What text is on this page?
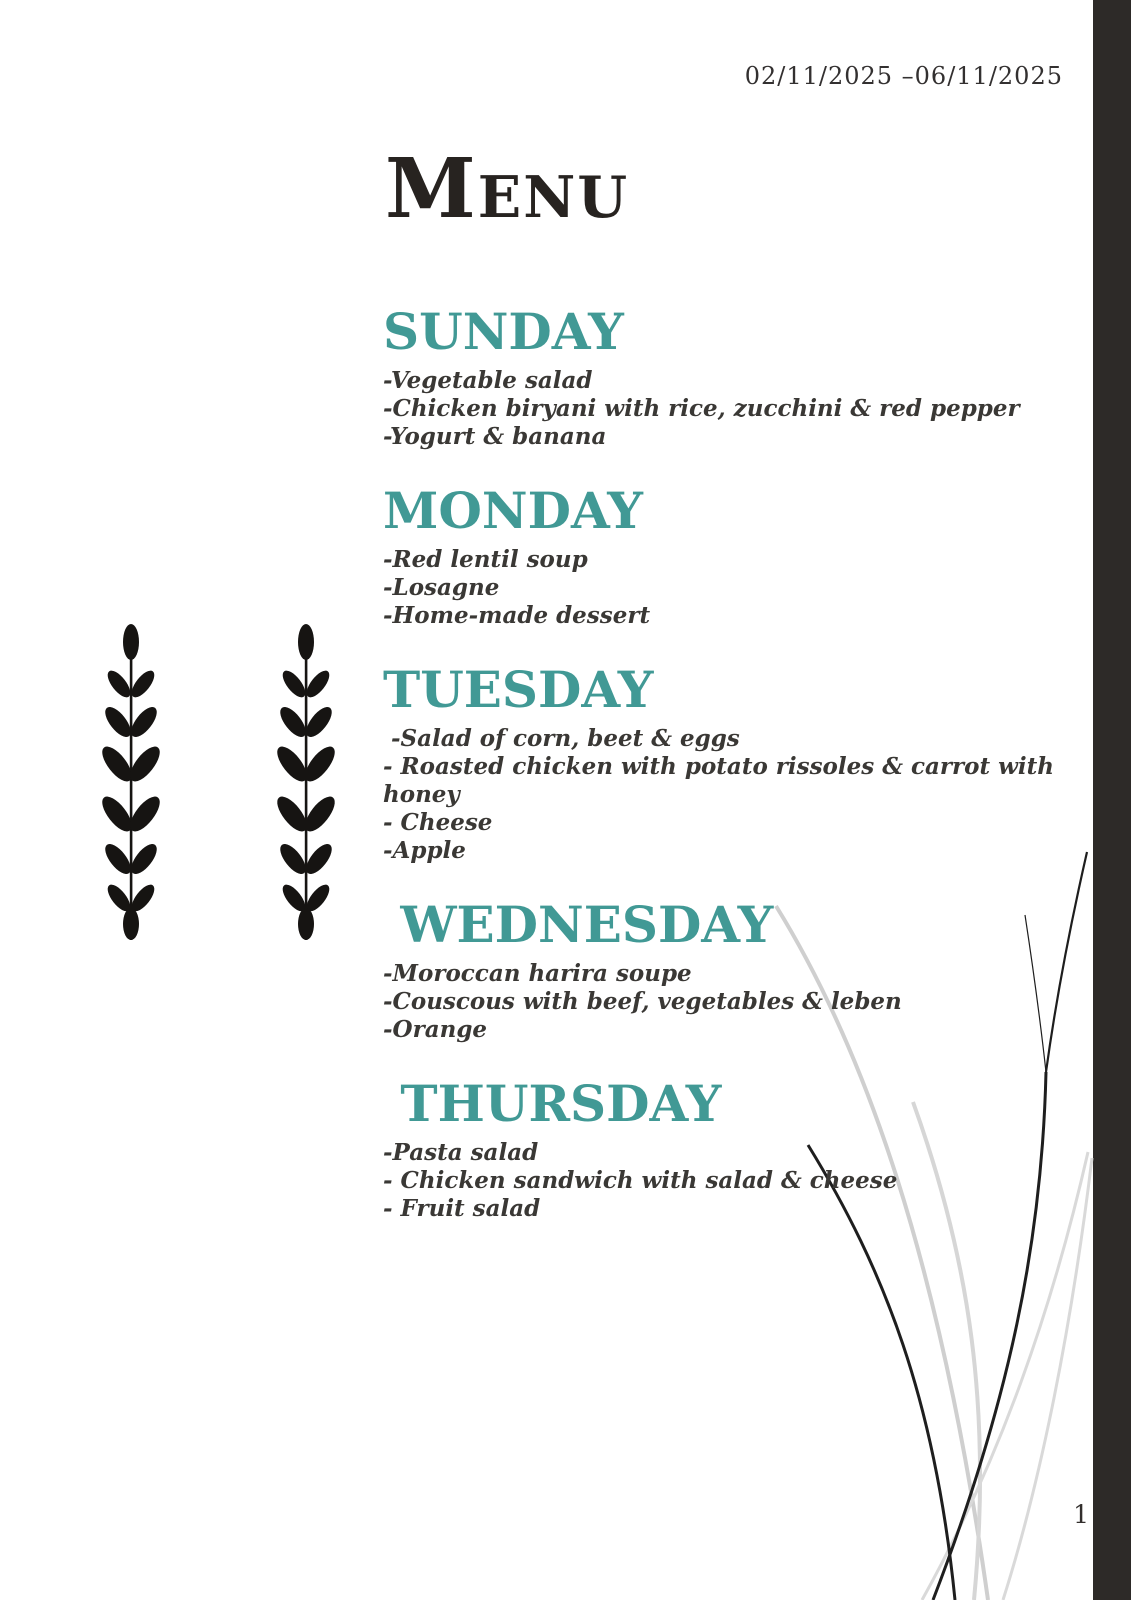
02/11/2025 –06/11/2025
Menu
SUNDAY
-Vegetable salad
-Chicken biryani with rice, zucchini & red pepper
-Yogurt & banana
MONDAY
-Red lentil soup
-Losagne
-Home-made dessert
TUESDAY
-Salad of corn, beet & eggs
- Roasted chicken with potato rissoles & carrot with honey
- Cheese
-Apple
WEDNESDAY
-Moroccan harira soupe
-Couscous with beef, vegetables & leben
-Orange
THURSDAY
-Pasta salad
- Chicken sandwich with salad & cheese
- Fruit salad
1
